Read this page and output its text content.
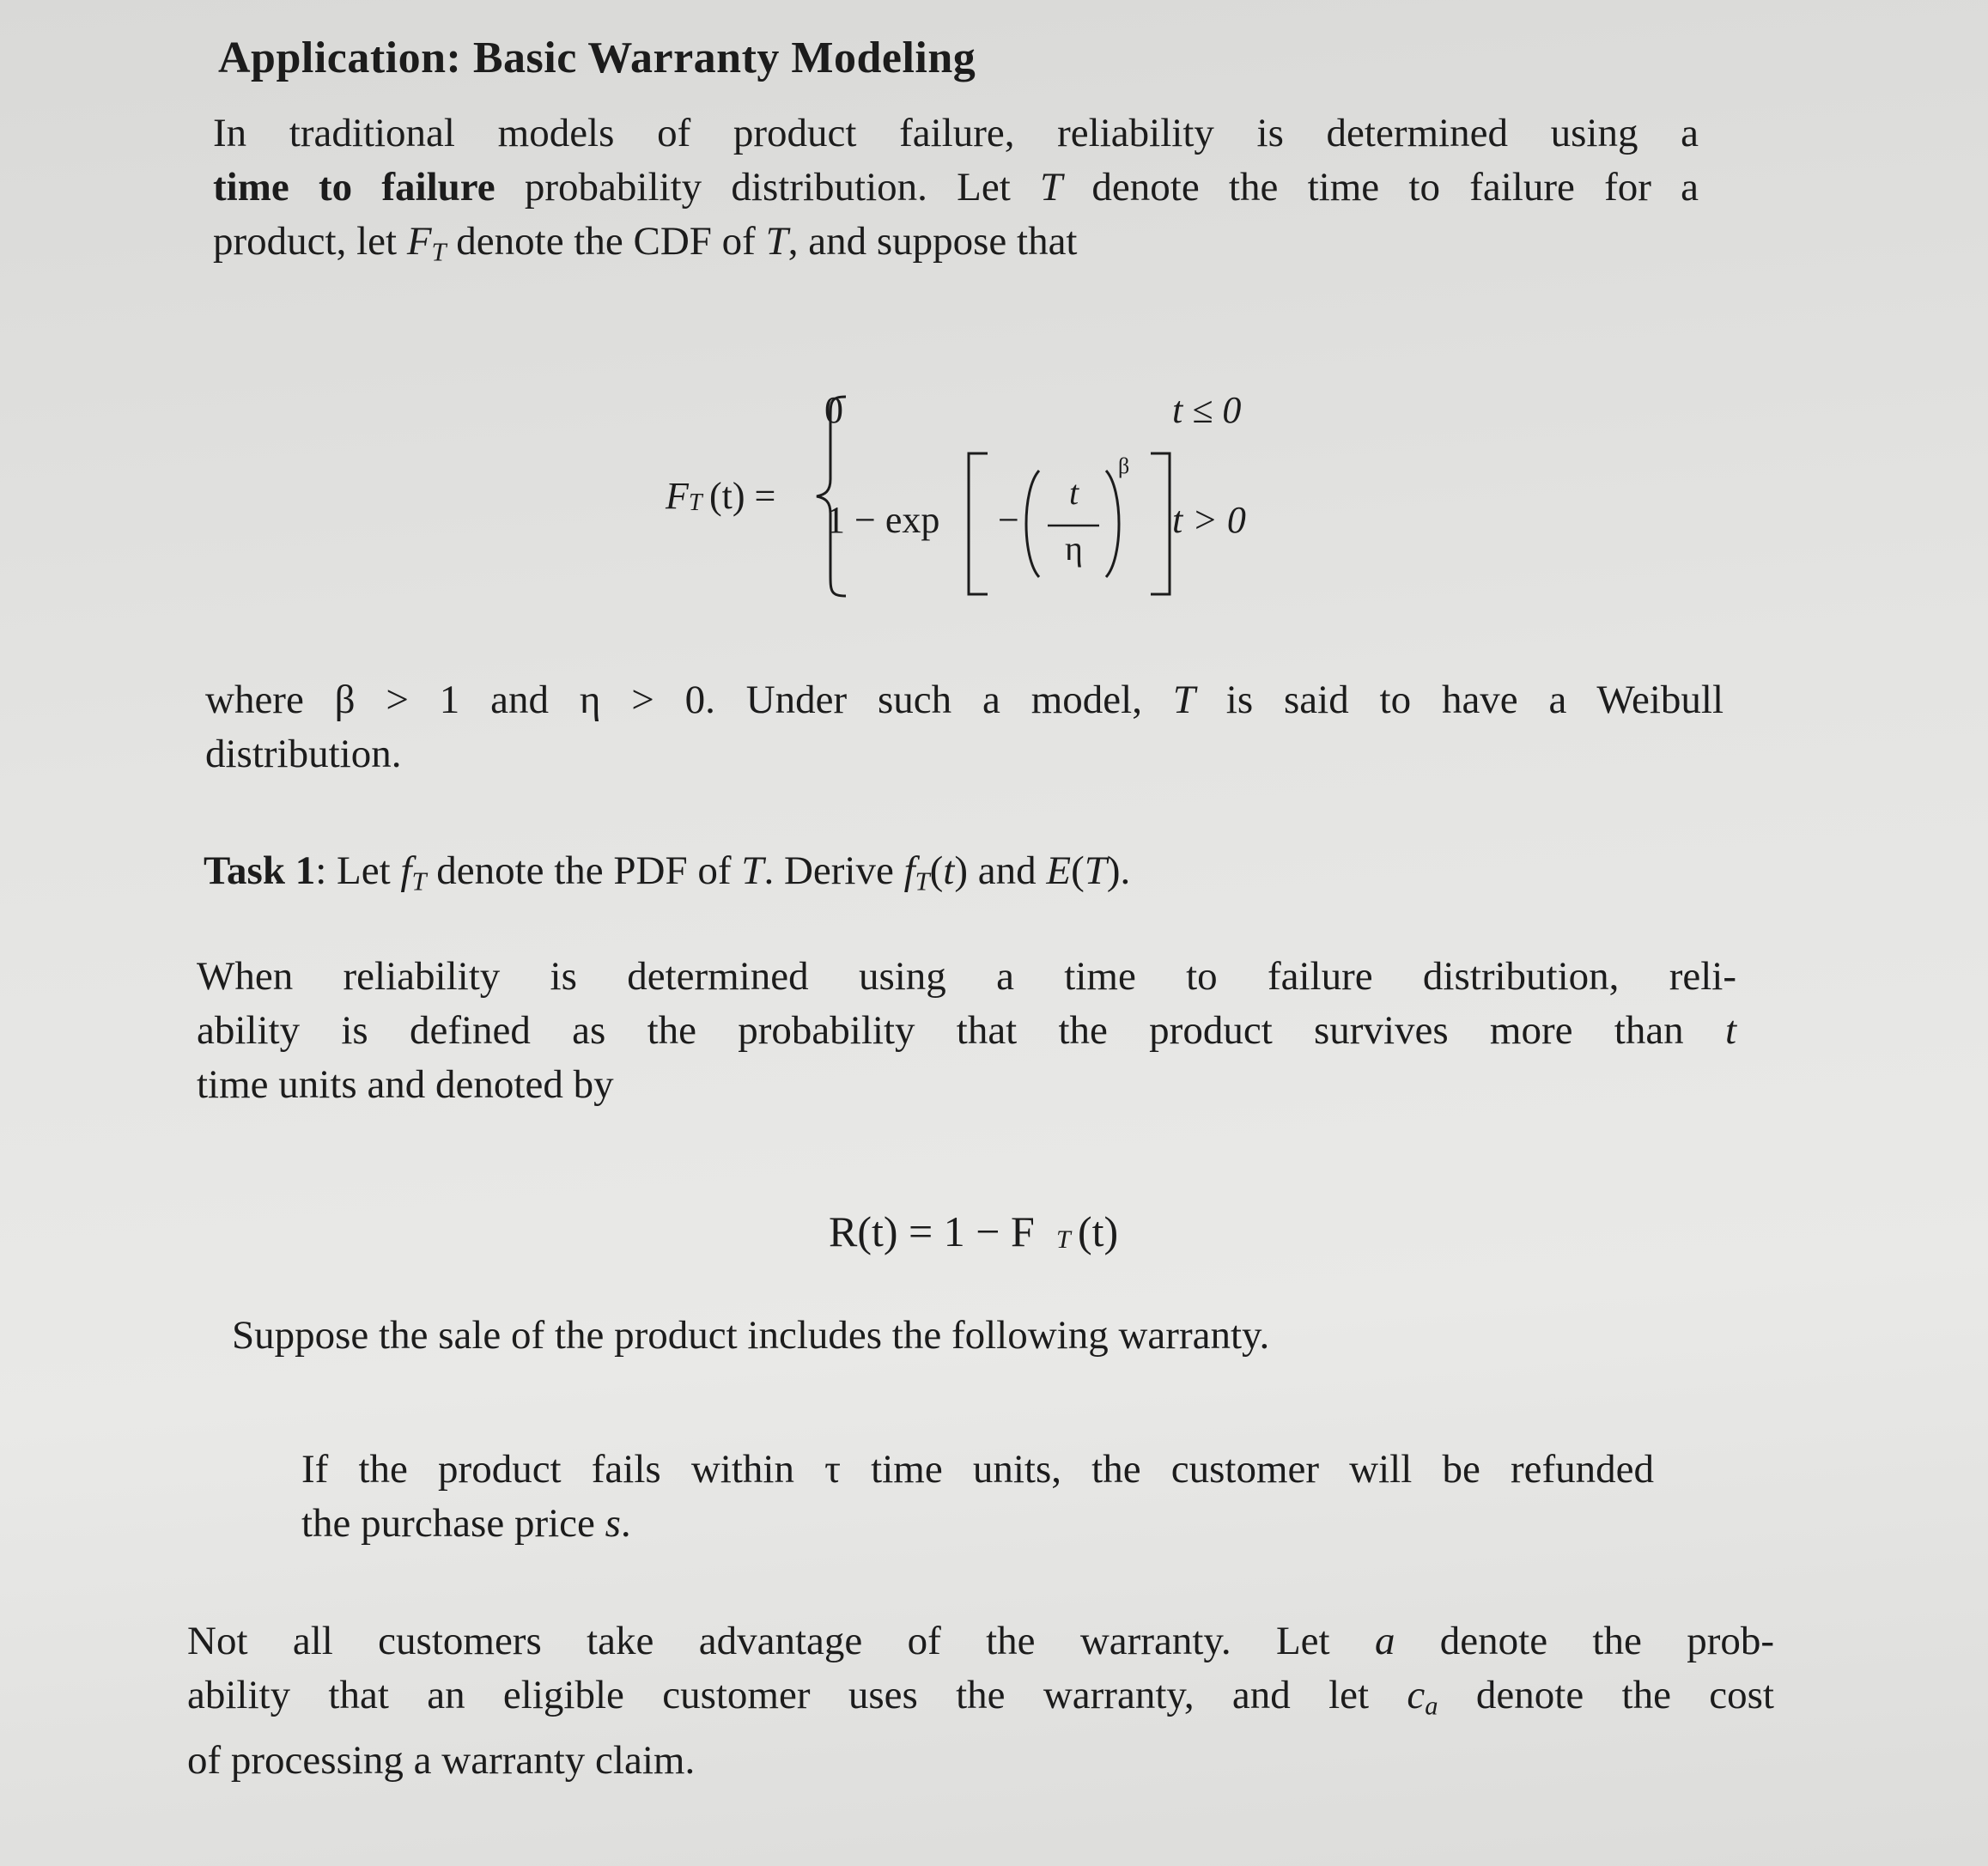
Application: Basic Warranty Modeling
In traditional models of product failure, reliability is determined using a
time to failure probability distribution. Let T denote the time to failure for a
product, let $F_T$ denote the CDF of T, and suppose that
where β > 1 and η > 0. Under such a model, T is said to have a Weibull
distribution.
Task 1: Let $f_T$ denote the PDF of T. Derive $f_T(t)$ and E(T).
When reliability is determined using a time to failure distribution, reli-
ability is defined as the probability that the product survives more than t
time units and denoted by
Suppose the sale of the product includes the following warranty.
If the product fails within τ time units, the customer will be refunded
the purchase price s.
Not all customers take advantage of the warranty. Let a denote the prob-
ability that an eligible customer uses the warranty, and let $c_a$ denote the cost
of processing a warranty claim.
F T (t) =
0	t ≤ 0
1 − exp −
t
η
β
t > 0
R(t) = 1 − F T (t)
